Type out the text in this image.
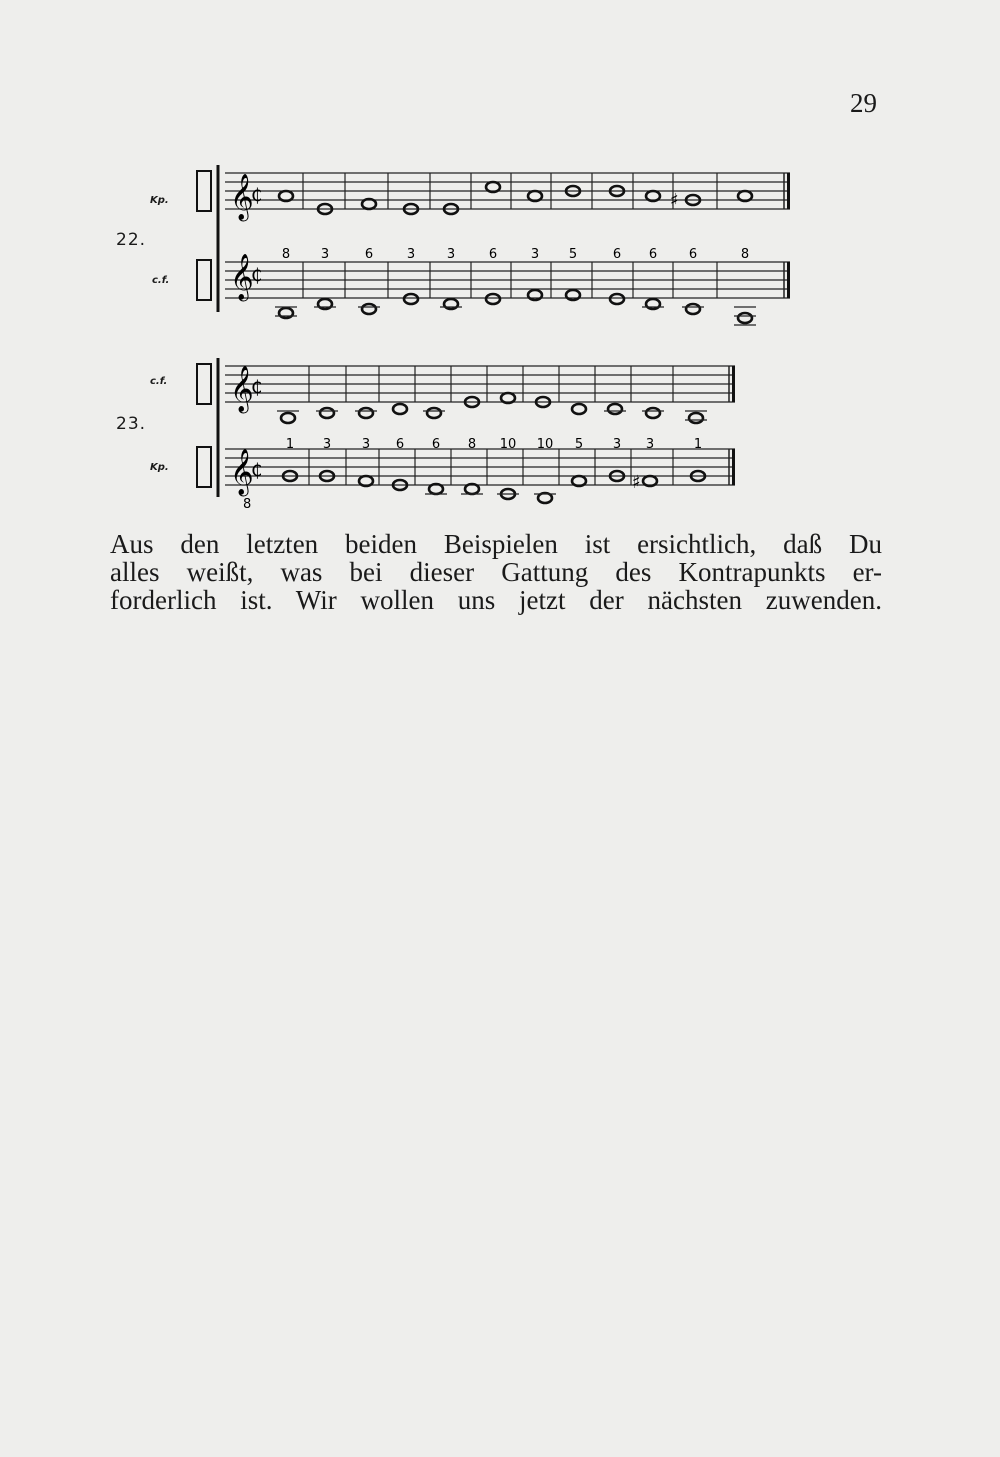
29
22.
Kp.
c.f.
23.
c.f.
Kp.
♯
𝄞
𝄞
₵
₵
8 3	6	3 3	6	3 5	6 6 6	8
♯
𝄞
𝄞
₵
₵
8
1 3 3 6 6 8 10 10 5 3 3	1

Aus den letzten beiden Beispielen ist ersichtlich, daß Du
alles weißt, was bei dieser Gattung des Kontrapunkts er-
forderlich ist. Wir wollen uns jetzt der nächsten zuwenden.
